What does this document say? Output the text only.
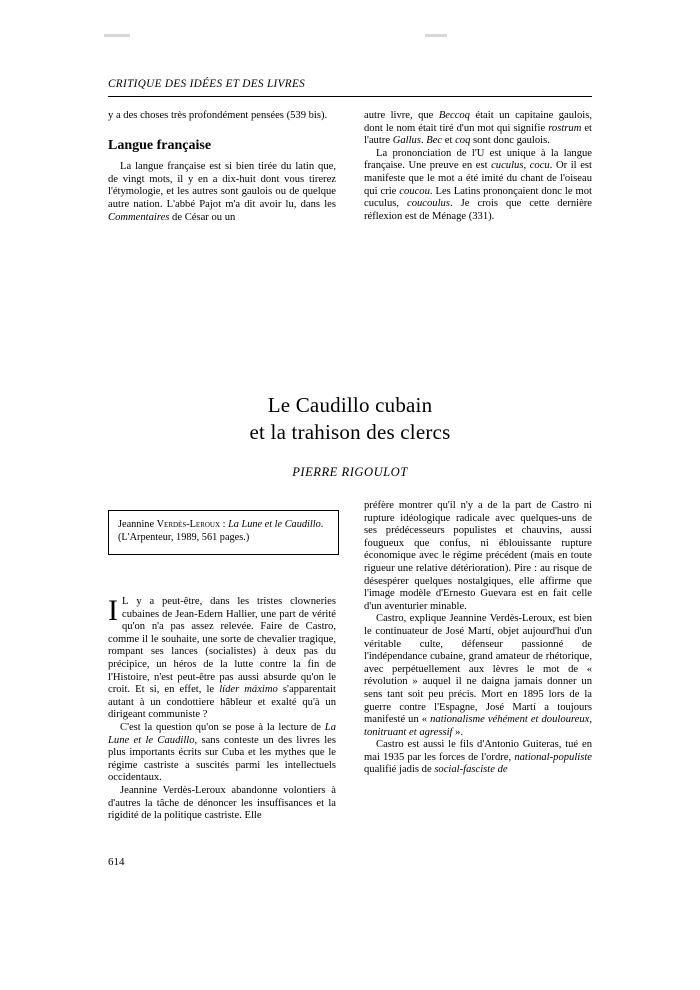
CRITIQUE DES IDÉES ET DES LIVRES

y a des choses très profondément pensées (539 bis).

Langue française

La langue française est si bien tirée du latin que, de vingt mots, il y en a dix-huit dont vous tirerez l'étymologie, et les autres sont gaulois ou de quelque autre nation. L'abbé Pajot m'a dit avoir lu, dans les Commentaires de César ou un

autre livre, que Beccoq était un capitaine gaulois, dont le nom était tiré d'un mot qui signifie rostrum et l'autre Gallus. Bec et coq sont donc gaulois.

La prononciation de l'U est unique à la langue française. Une preuve en est cuculus, cocu. Or il est manifeste que le mot a été imité du chant de l'oiseau qui crie coucou. Les Latins prononçaient donc le mot cuculus, coucoulus. Je crois que cette dernière réflexion est de Ménage (331).

Le Caudillo cubain
et la trahison des clercs
PIERRE RIGOULOT
Jeannine Verdès-Leroux : La Lune et le Caudillo. (L'Arpenteur, 1989, 561 pages.)

I L y a peut-être, dans les tristes clowneries cubaines de Jean-Edern Hallier, une part de vérité qu'on n'a pas assez relevée. Faire de Castro, comme il le souhaite, une sorte de chevalier tragique, rompant ses lances (socialistes) à deux pas du précipice, un héros de la lutte contre la fin de l'Histoire, n'est peut-être pas aussi absurde qu'on le croit. Et si, en effet, le líder máximo s'apparentait autant à un condottiere hâbleur et exalté qu'à un dirigeant communiste ?

C'est la question qu'on se pose à la lecture de La Lune et le Caudillo, sans conteste un des livres les plus importants écrits sur Cuba et les mythes que le régime castriste a suscités parmi les intellectuels occidentaux.

Jeannine Verdès-Leroux abandonne volontiers à d'autres la tâche de dénoncer les insuffisances et la rigidité de la politique castriste. Elle

préfère montrer qu'il n'y a de la part de Castro ni rupture idéologique radicale avec quelques-uns de ses prédécesseurs populistes et chauvins, aussi fougueux que confus, ni éblouissante rupture économique avec le régime précédent (mais en toute rigueur une relative détérioration). Pire : au risque de désespérer quelques nostalgiques, elle affirme que l'image modèle d'Ernesto Guevara est en fait celle d'un aventurier minable.

Castro, explique Jeannine Verdès-Leroux, est bien le continuateur de José Martí, objet aujourd'hui d'un véritable culte, défenseur passionné de l'indépendance cubaine, grand amateur de rhétorique, avec perpétuellement aux lèvres le mot de « révolution » auquel il ne daigna jamais donner un sens tant soit peu précis. Mort en 1895 lors de la guerre contre l'Espagne, José Martí a toujours manifesté un « nationalisme véhément et douloureux, tonitruant et agressif ».

Castro est aussi le fils d'Antonio Guiteras, tué en mai 1935 par les forces de l'ordre, national-populiste qualifié jadis de social-fasciste de

614
